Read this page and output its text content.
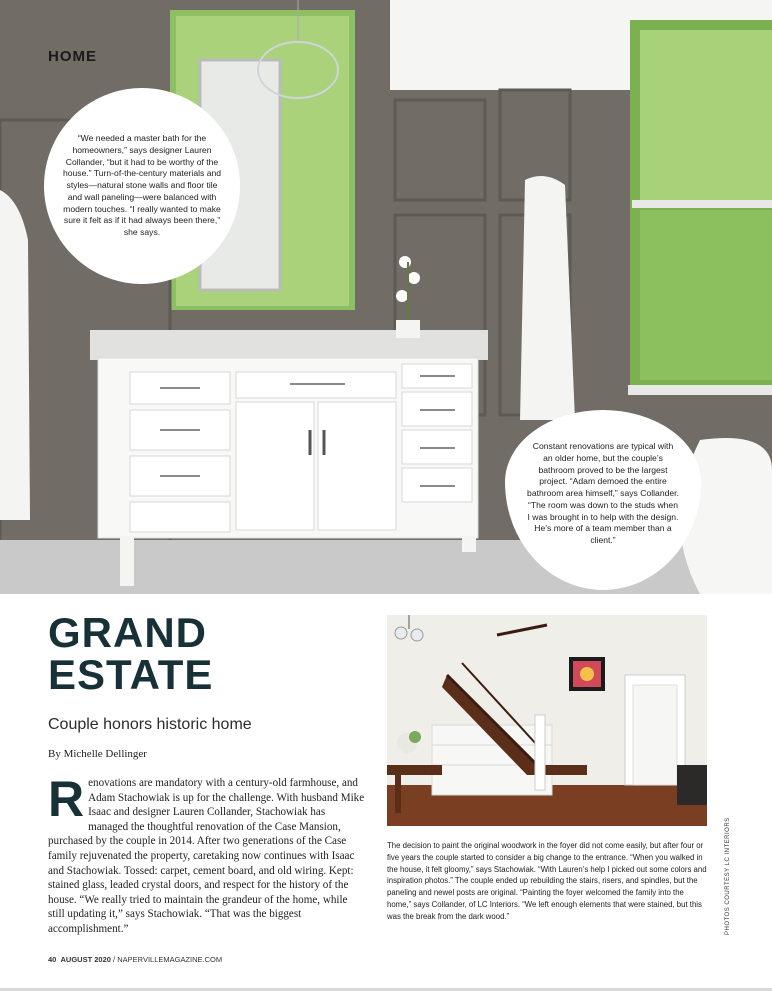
HOME
“We needed a master bath for the homeowners,” says designer Lauren Collander, “but it had to be worthy of the house.” Turn-of-the-century materials and styles—natural stone walls and floor tile and wall paneling—were balanced with modern touches. “I really wanted to make sure it felt as if it had always been there,” she says.
Constant renovations are typical with an older home, but the couple’s bathroom proved to be the largest project. “Adam demoed the entire bathroom area himself,” says Collander. “The room was down to the studs when I was brought in to help with the design. He’s more of a team member than a client.”
GRAND
ESTATE
Couple honors historic home
By Michelle Dellinger
Renovations are mandatory with a century-old farmhouse, and Adam Stachowiak is up for the challenge. With husband Mike Isaac and designer Lauren Collander, Stachowiak has managed the thoughtful renovation of the Case Mansion, purchased by the couple in 2014. After two generations of the Case family rejuvenated the property, caretaking now continues with Isaac and Stachowiak. Tossed: carpet, cement board, and old wiring. Kept: stained glass, leaded crystal doors, and respect for the history of the house. “We really tried to maintain the grandeur of the home, while still updating it,” says Stachowiak. “That was the biggest accomplishment.”
The decision to paint the original woodwork in the foyer did not come easily, but after four or five years the couple started to consider a big change to the entrance. “When you walked in the house, it felt gloomy,” says Stachowiak. “With Lauren’s help I picked out some colors and inspiration photos.” The couple ended up rebuilding the stairs, risers, and spindles, but the paneling and newel posts are original. “Painting the foyer welcomed the family into the home,” says Collander, of LC Interiors. “We left enough elements that were stained, but this was the break from the dark wood.”	PHOTOS COURTESY LC INTERIORS
40 AUGUST 2020 / NAPERVILLEMAGAZINE.COM
